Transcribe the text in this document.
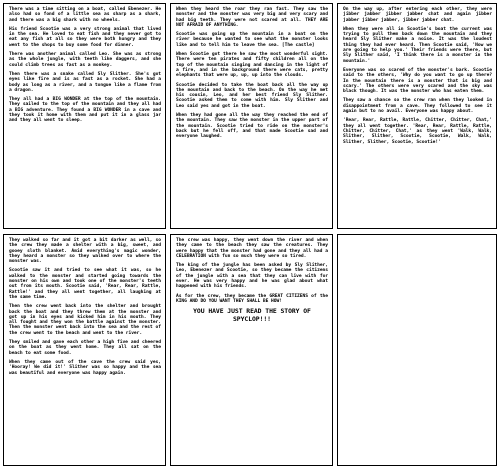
There was a time sitting on a boat, called Ebenezer. He also had so fond of a little sea as sharp as a shark, and there was a big shark with no wheels.

His friend Scootie was a very strong animal that lived in the sea. He loved to eat fish and they never got to eat any fish at all so they were both hungry and they went to the shops to buy some food for dinner.

There was another animal called Leo. She was as strong as the whole jungle, with teeth like daggers, and she could climb trees as fast as a monkey.

Then there was a snake called Sly Slither. She's got eyes like fire and is as fast as a rocket. She had a body as long as a river, and a tongue like a flame from a dragon.

They all had a BIG WONDER at the top of the mountain. They sailed to the top of the mountain and they all had a BIG adventure. They found a BIG WONDER in a cave and they took it home with them and put it in a glass jar and they all went to sleep.

When they heard the roar they ran fast. They saw the monster and the monster was very big and very scary and had big teeth. They were not scared at all. THEY ARE NOT AFRAID OF ANYTHING.

Scootie was going up the mountain in a boat on the river because he wanted to see what the monster looks like and to tell him to leave the sea. [The castle]

When Scootie got there he saw the most wonderful sight. There were ten pirates and fifty children all on the top of the mountain singing and dancing in the light of a fire, and in the background there were cats, pretty elephants that were up, up, up into the clouds.

Scootie decided to take the boat back all the way up the mountain and back to the beach. On the way he met his cousin, Leo, and her best friend Sly Slither. Scootie asked them to come with him. Sly Slither and Leo said yes and got in the boat.

When they had gone all the way they reached the end of the mountain. They saw the monster in the upper part of the mountain. Scootie tried to ride on the monster's back but he fell off, and that made Scootie sad and everyone laughed.

On the way up, after entering each other, they were jibber jabber jibber jabber chat and again jibber jabber jibber jabber, jibber jabber chat.

When they were all in Scootie's boat the current was trying to pull them back down the mountain and they heard Sly Slither make a noise. It was the loudest thing they had ever heard. Then Scootie said, 'Now we are going to help you.' Their friends were there, but Sly Slither said, 'I think there is a monster in the mountain.'

Everyone was so scared of the monster's bark. Scootie said to the others, 'Why do you want to go up there? In the mountain there is a monster that is big and scary.' The others were very scared and the sky was black though. It was the monster who has eaten them.

They saw a chance so the crew ran when they looked in disappointment from a cave. They followed to see it again but to no avail. Everyone was happy about.

'Rear, Rear, Rattle, Rattle, Chitter, Chitter, Chat,' they all went together. 'Rear, Rear, Rattle, Rattle, Chitter, Chitter, Chat,' as they went 'Walk, Walk, Slither, Slither, Scootie, Scootie, Walk, Walk, Slither, Slither, Scootie, Scootie!'

They walked so far and it got a bit darker as well, so the crew they made a shelter with a big, sweet, and gooey sloth blanket. Amid everything's magic wonder, they heard a monster so they walked over to where the monster was.

Scootie saw it and tried to see what it was, so he walked to the monster and started going towards the monster on his own and took one of the monster's teeth out from its mouth. Scootie said, 'Rear, Rear, Rattle, Rattle!' and they all went together, all laughing at the same time.

Then the crew went back into the shelter and brought back the boat and they threw them at the monster and got up in his eyes and kicked him in his mouth. They all fought and they won the battle against the monster. Then the monster went back into the sea and the rest of the crew went to the beach and went to the river.

They smiled and gave each other a high five and cheered on the boat as they went home. They all sat on the beach to eat some food.

When they came out of the cave the crew said yes, 'Hooray! We did it!' Slither was so happy and the sea was beautiful and everyone was happy again.

The crew was happy, they went down the river and when they came to the beach they saw the creatures. They were happy that the monster had gone and they all had a CELEBRATION with fun so much they were so tired.

The king of the jungle has been asked by Sly Slither, Leo, Ebenezer and Scootie, so they became the citizens of the jungle with a sea that they can live with for ever. He was very happy and he was glad about what happened with his friends.

As for the crew, they became the GREAT CITIZENS of the KING AND DO YOU WANT THEY SHALL BE HOW!

YOU HAVE JUST READ THE STORY OF SPYCLOP!!!
